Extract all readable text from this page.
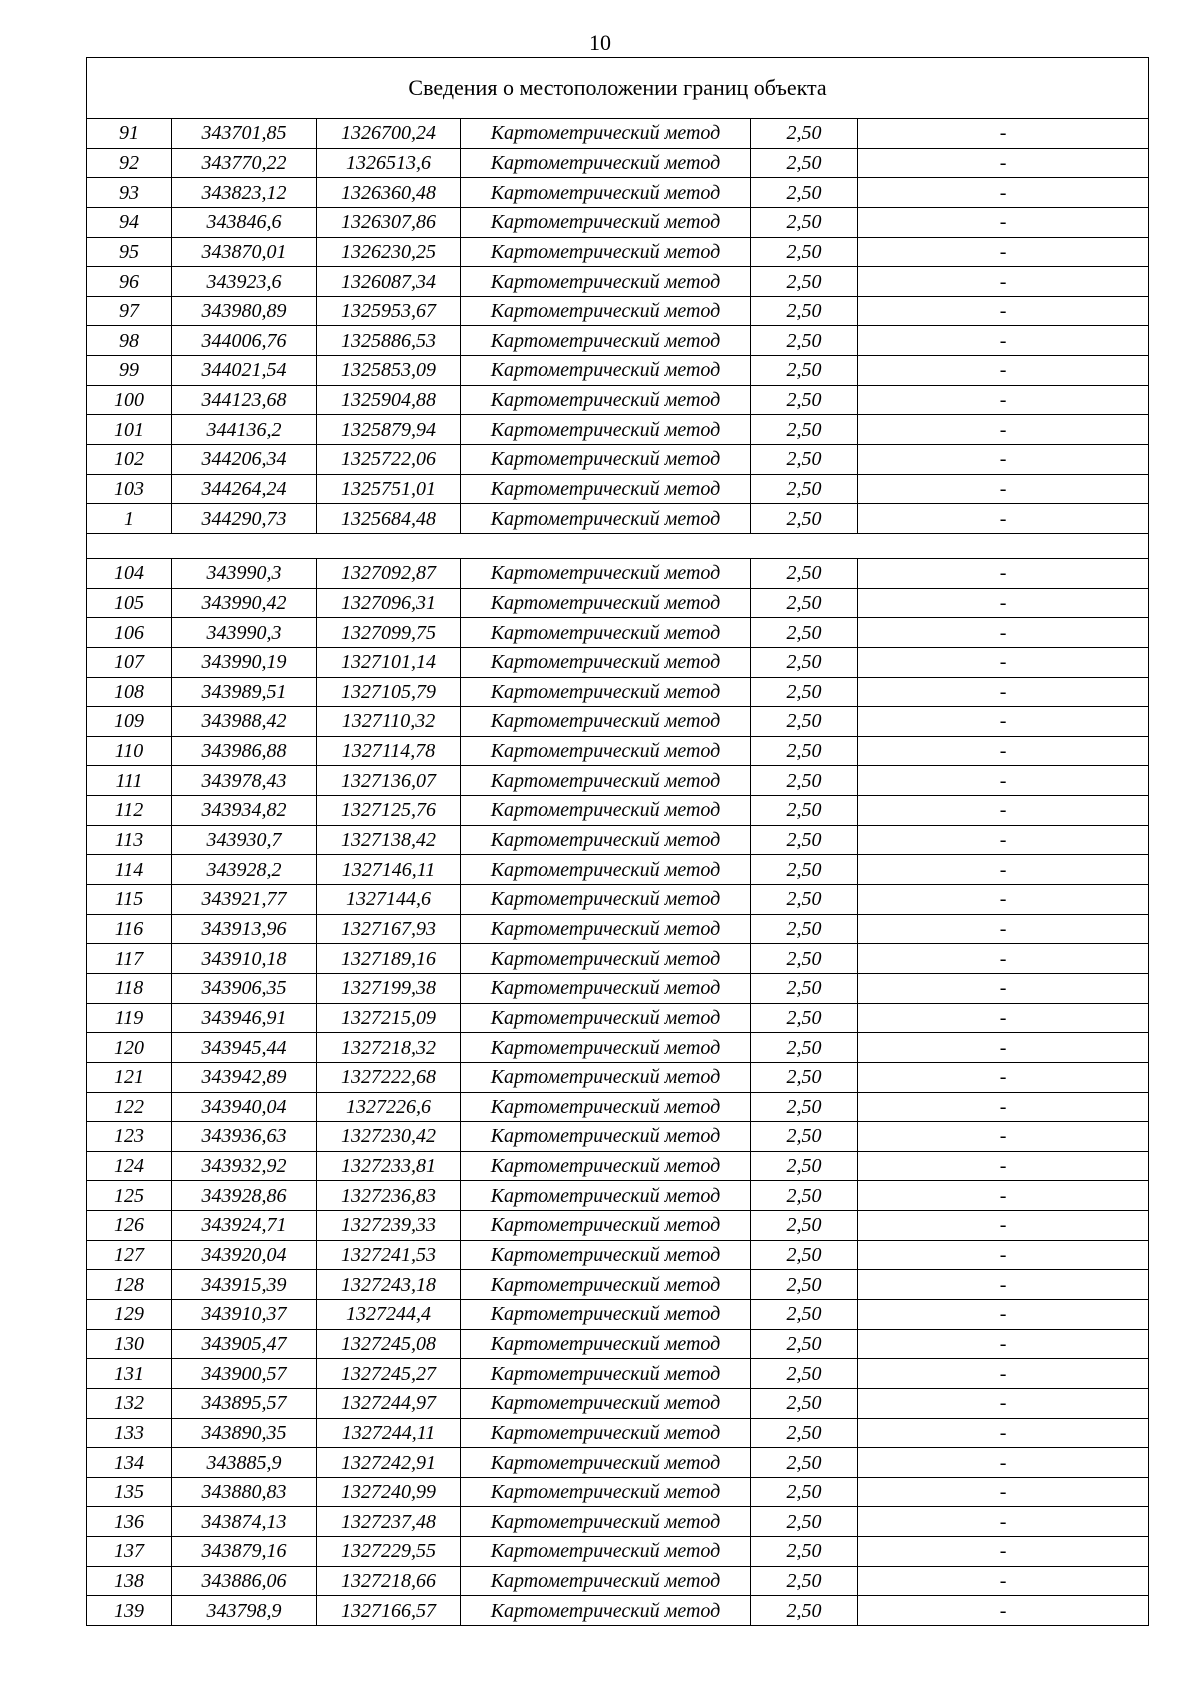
10
Сведения о местоположении границ объекта					
91	343701,85	1326700,24	Картометрический метод	2,50	-
92	343770,22	1326513,6	Картометрический метод	2,50	-
93	343823,12	1326360,48	Картометрический метод	2,50	-
94	343846,6	1326307,86	Картометрический метод	2,50	-
95	343870,01	1326230,25	Картометрический метод	2,50	-
96	343923,6	1326087,34	Картометрический метод	2,50	-
97	343980,89	1325953,67	Картометрический метод	2,50	-
98	344006,76	1325886,53	Картометрический метод	2,50	-
99	344021,54	1325853,09	Картометрический метод	2,50	-
100	344123,68	1325904,88	Картометрический метод	2,50	-
101	344136,2	1325879,94	Картометрический метод	2,50	-
102	344206,34	1325722,06	Картометрический метод	2,50	-
103	344264,24	1325751,01	Картометрический метод	2,50	-
1	344290,73	1325684,48	Картометрический метод	2,50	-

104	343990,3	1327092,87	Картометрический метод	2,50	-
105	343990,42	1327096,31	Картометрический метод	2,50	-
106	343990,3	1327099,75	Картометрический метод	2,50	-
107	343990,19	1327101,14	Картометрический метод	2,50	-
108	343989,51	1327105,79	Картометрический метод	2,50	-
109	343988,42	1327110,32	Картометрический метод	2,50	-
110	343986,88	1327114,78	Картометрический метод	2,50	-
111	343978,43	1327136,07	Картометрический метод	2,50	-
112	343934,82	1327125,76	Картометрический метод	2,50	-
113	343930,7	1327138,42	Картометрический метод	2,50	-
114	343928,2	1327146,11	Картометрический метод	2,50	-
115	343921,77	1327144,6	Картометрический метод	2,50	-
116	343913,96	1327167,93	Картометрический метод	2,50	-
117	343910,18	1327189,16	Картометрический метод	2,50	-
118	343906,35	1327199,38	Картометрический метод	2,50	-
119	343946,91	1327215,09	Картометрический метод	2,50	-
120	343945,44	1327218,32	Картометрический метод	2,50	-
121	343942,89	1327222,68	Картометрический метод	2,50	-
122	343940,04	1327226,6	Картометрический метод	2,50	-
123	343936,63	1327230,42	Картометрический метод	2,50	-
124	343932,92	1327233,81	Картометрический метод	2,50	-
125	343928,86	1327236,83	Картометрический метод	2,50	-
126	343924,71	1327239,33	Картометрический метод	2,50	-
127	343920,04	1327241,53	Картометрический метод	2,50	-
128	343915,39	1327243,18	Картометрический метод	2,50	-
129	343910,37	1327244,4	Картометрический метод	2,50	-
130	343905,47	1327245,08	Картометрический метод	2,50	-
131	343900,57	1327245,27	Картометрический метод	2,50	-
132	343895,57	1327244,97	Картометрический метод	2,50	-
133	343890,35	1327244,11	Картометрический метод	2,50	-
134	343885,9	1327242,91	Картометрический метод	2,50	-
135	343880,83	1327240,99	Картометрический метод	2,50	-
136	343874,13	1327237,48	Картометрический метод	2,50	-
137	343879,16	1327229,55	Картометрический метод	2,50	-
138	343886,06	1327218,66	Картометрический метод	2,50	-
139	343798,9	1327166,57	Картометрический метод	2,50	-
